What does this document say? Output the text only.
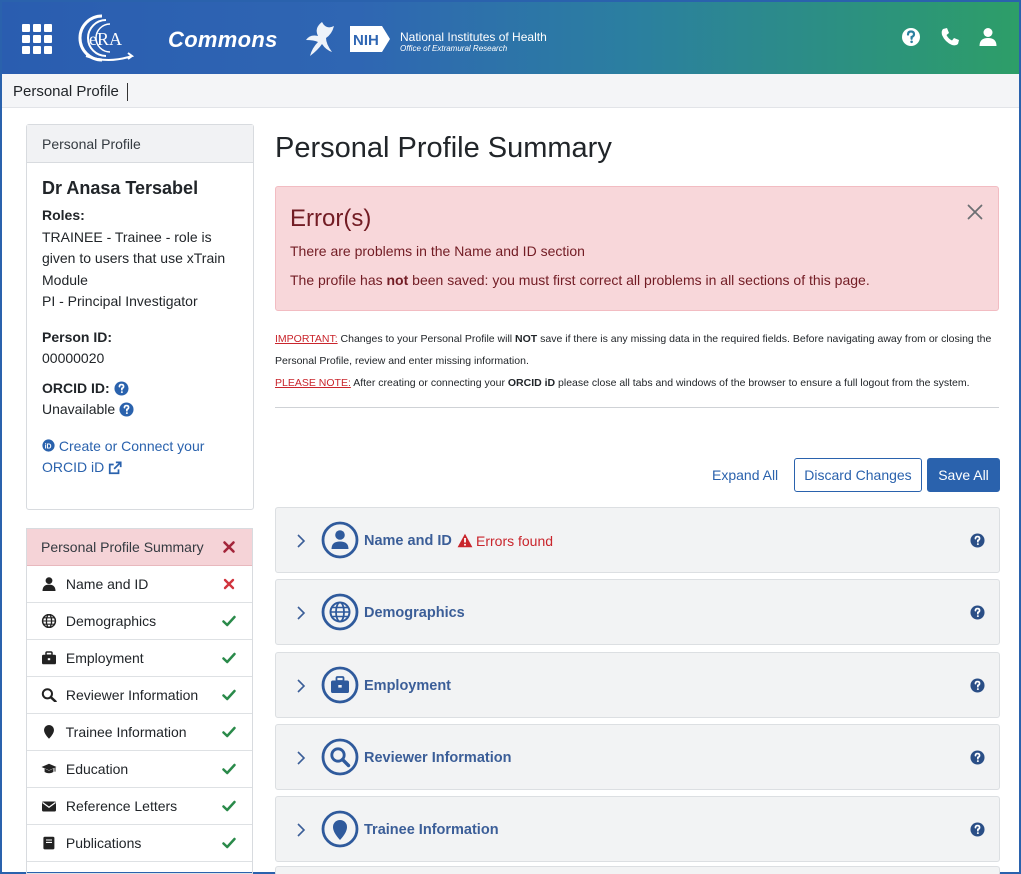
eRA Commons	NIH National Institutes of Health
Office of Extramural Research
Personal Profile
Personal Profile
Dr Anasa Tersabel
Roles:
TRAINEE - Trainee - role is given to users that use xTrain Module
PI - Principal Investigator
Person ID:
00000020
ORCID ID:
Unavailable
iD Create or Connect your ORCID iD
Personal Profile Summary
Name and ID
Demographics
Employment
Reviewer Information
Trainee Information
Education
Reference Letters
Publications
Personal Profile Summary
Error(s)
There are problems in the Name and ID section
The profile has not been saved: you must first correct all problems in all sections of this page.
IMPORTANT: Changes to your Personal Profile will NOT save if there is any missing data in the required fields. Before navigating away from or closing the Personal Profile, review and enter missing information.
PLEASE NOTE: After creating or connecting your ORCID iD please close all tabs and windows of the browser to ensure a full logout from the system.
Expand All	Discard Changes	Save All
Name and ID	Errors found
Demographics
Employment
Reviewer Information
Trainee Information
